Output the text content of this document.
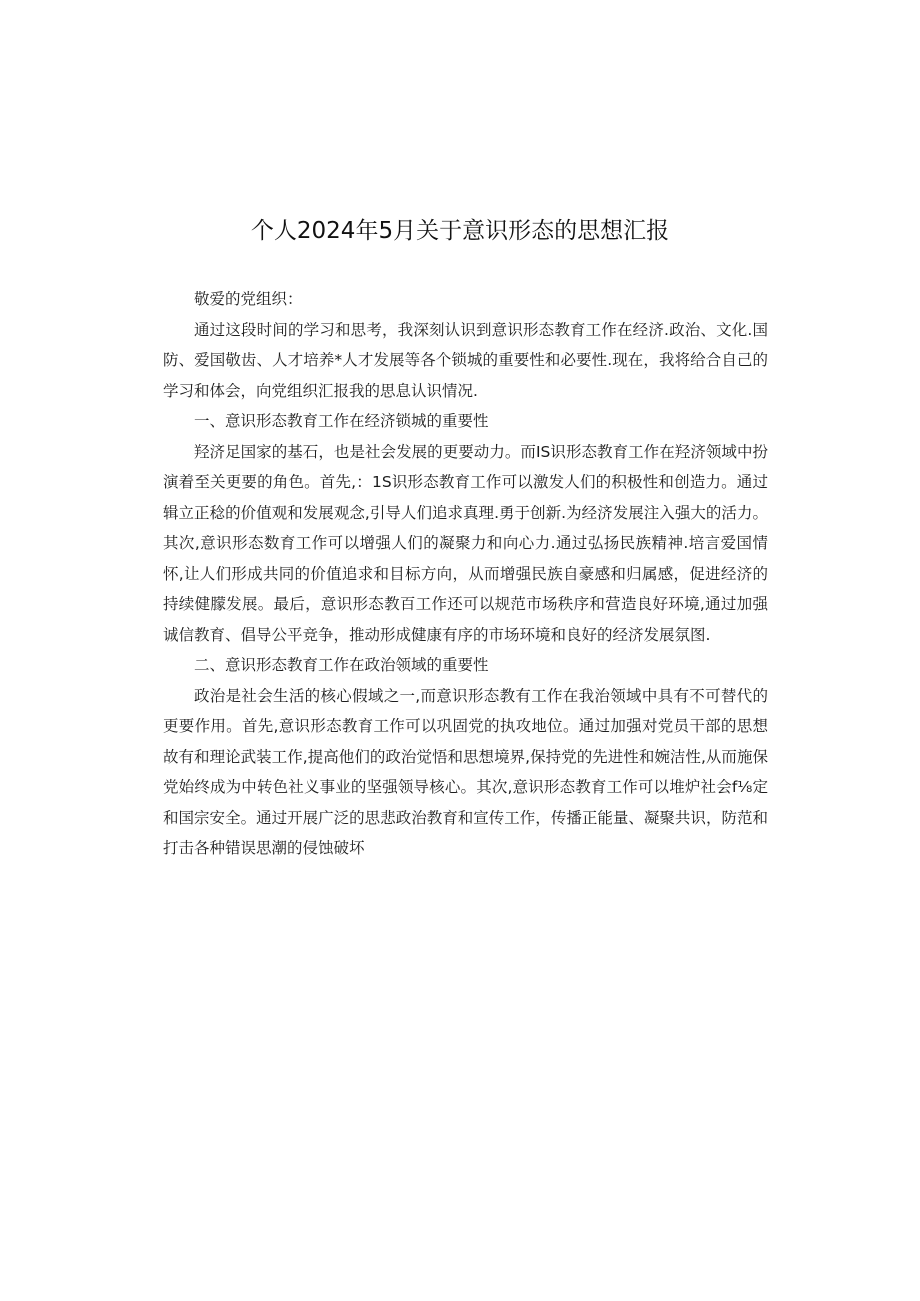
个人2024年5月关于意识形态的思想汇报

敬爱的党组织：

通过这段时间的学习和思考，我深刻认识到意识形态教育工作在经济.政治、文化.国防、爱国敬齿、人才培养*人才发展等各个锁城的重要性和必要性.现在，我将给合自己的学习和体会，向党组织汇报我的思息认识情况.

一、意识形态教育工作在经济锁城的重要性

羟济足国家的基石，也是社会发展的更要动力。而IS识形态教育工作在羟济领域中扮演着至关更要的角色。首先,：1S识形态教育工作可以激发人们的积极性和创造力。通过辑立正稔的价值观和发展观念,引导人们追求真理.勇于创新.为经济发展注入强大的活力。其次,意识形态数育工作可以增强人们的凝聚力和向心力.通过弘扬民族精神.培言爱国情怀,让人们形成共同的价值追求和目标方向，从而增强民族自豪感和归属感，促进经济的持续健朦发展。最后，意识形态教百工作还可以规范市场秩序和营造良好环境,通过加强诚信教育、倡导公平竞争，推动形成健康有序的市场环境和良好的经济发展氛图.

二、意识形态教育工作在政治领域的重要性

政治是社会生活的核心假域之一,而意识形态教有工作在我治领域中具有不可替代的更要作用。首先,意识形态教育工作可以巩固党的执攻地位。通过加强对党员干部的思想故有和理论武装工作,提高他们的政治觉悟和思想境界,保持党的先进性和婉洁性,从而施保党始终成为中转色社义事业的坚强领导核心。其次,意识形态教育工作可以堆炉社会f⅛定和国宗安全。通过开展广泛的思悲政治教育和宣传工作，传播正能量、凝聚共识，防范和打击各种错误思潮的侵蚀破坏
